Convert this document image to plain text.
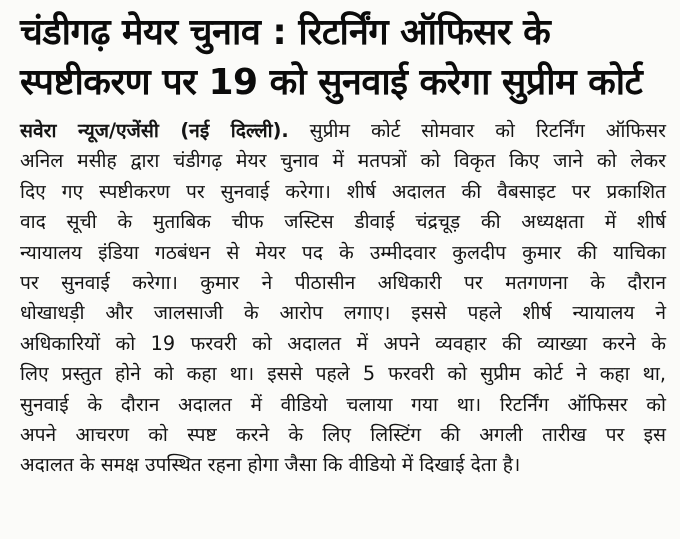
चंडीगढ़ मेयर चुनाव : रिटर्निंग ऑफिसर के
स्पष्टीकरण पर 19 को सुनवाई करेगा सुप्रीम कोर्ट
सवेरा न्यूज/एजेंसी (नई दिल्ली). सुप्रीम कोर्ट सोमवार को रिटर्निंग ऑफिसर
अनिल मसीह द्वारा चंडीगढ़ मेयर चुनाव में मतपत्रों को विकृत किए जाने को लेकर
दिए गए स्पष्टीकरण पर सुनवाई करेगा। शीर्ष अदालत की वैबसाइट पर प्रकाशित
वाद सूची के मुताबिक चीफ जस्टिस डीवाई चंद्रचूड़ की अध्यक्षता में शीर्ष
न्यायालय इंडिया गठबंधन से मेयर पद के उम्मीदवार कुलदीप कुमार की याचिका
पर सुनवाई करेगा। कुमार ने पीठासीन अधिकारी पर मतगणना के दौरान
धोखाधड़ी और जालसाजी के आरोप लगाए। इससे पहले शीर्ष न्यायालय ने
अधिकारियों को 19 फरवरी को अदालत में अपने व्यवहार की व्याख्या करने के
लिए प्रस्तुत होने को कहा था। इससे पहले 5 फरवरी को सुप्रीम कोर्ट ने कहा था,
सुनवाई के दौरान अदालत में वीडियो चलाया गया था। रिटर्निंग ऑफिसर को
अपने आचरण को स्पष्ट करने के लिए लिस्टिंग की अगली तारीख पर इस
अदालत के समक्ष उपस्थित रहना होगा जैसा कि वीडियो में दिखाई देता है।
